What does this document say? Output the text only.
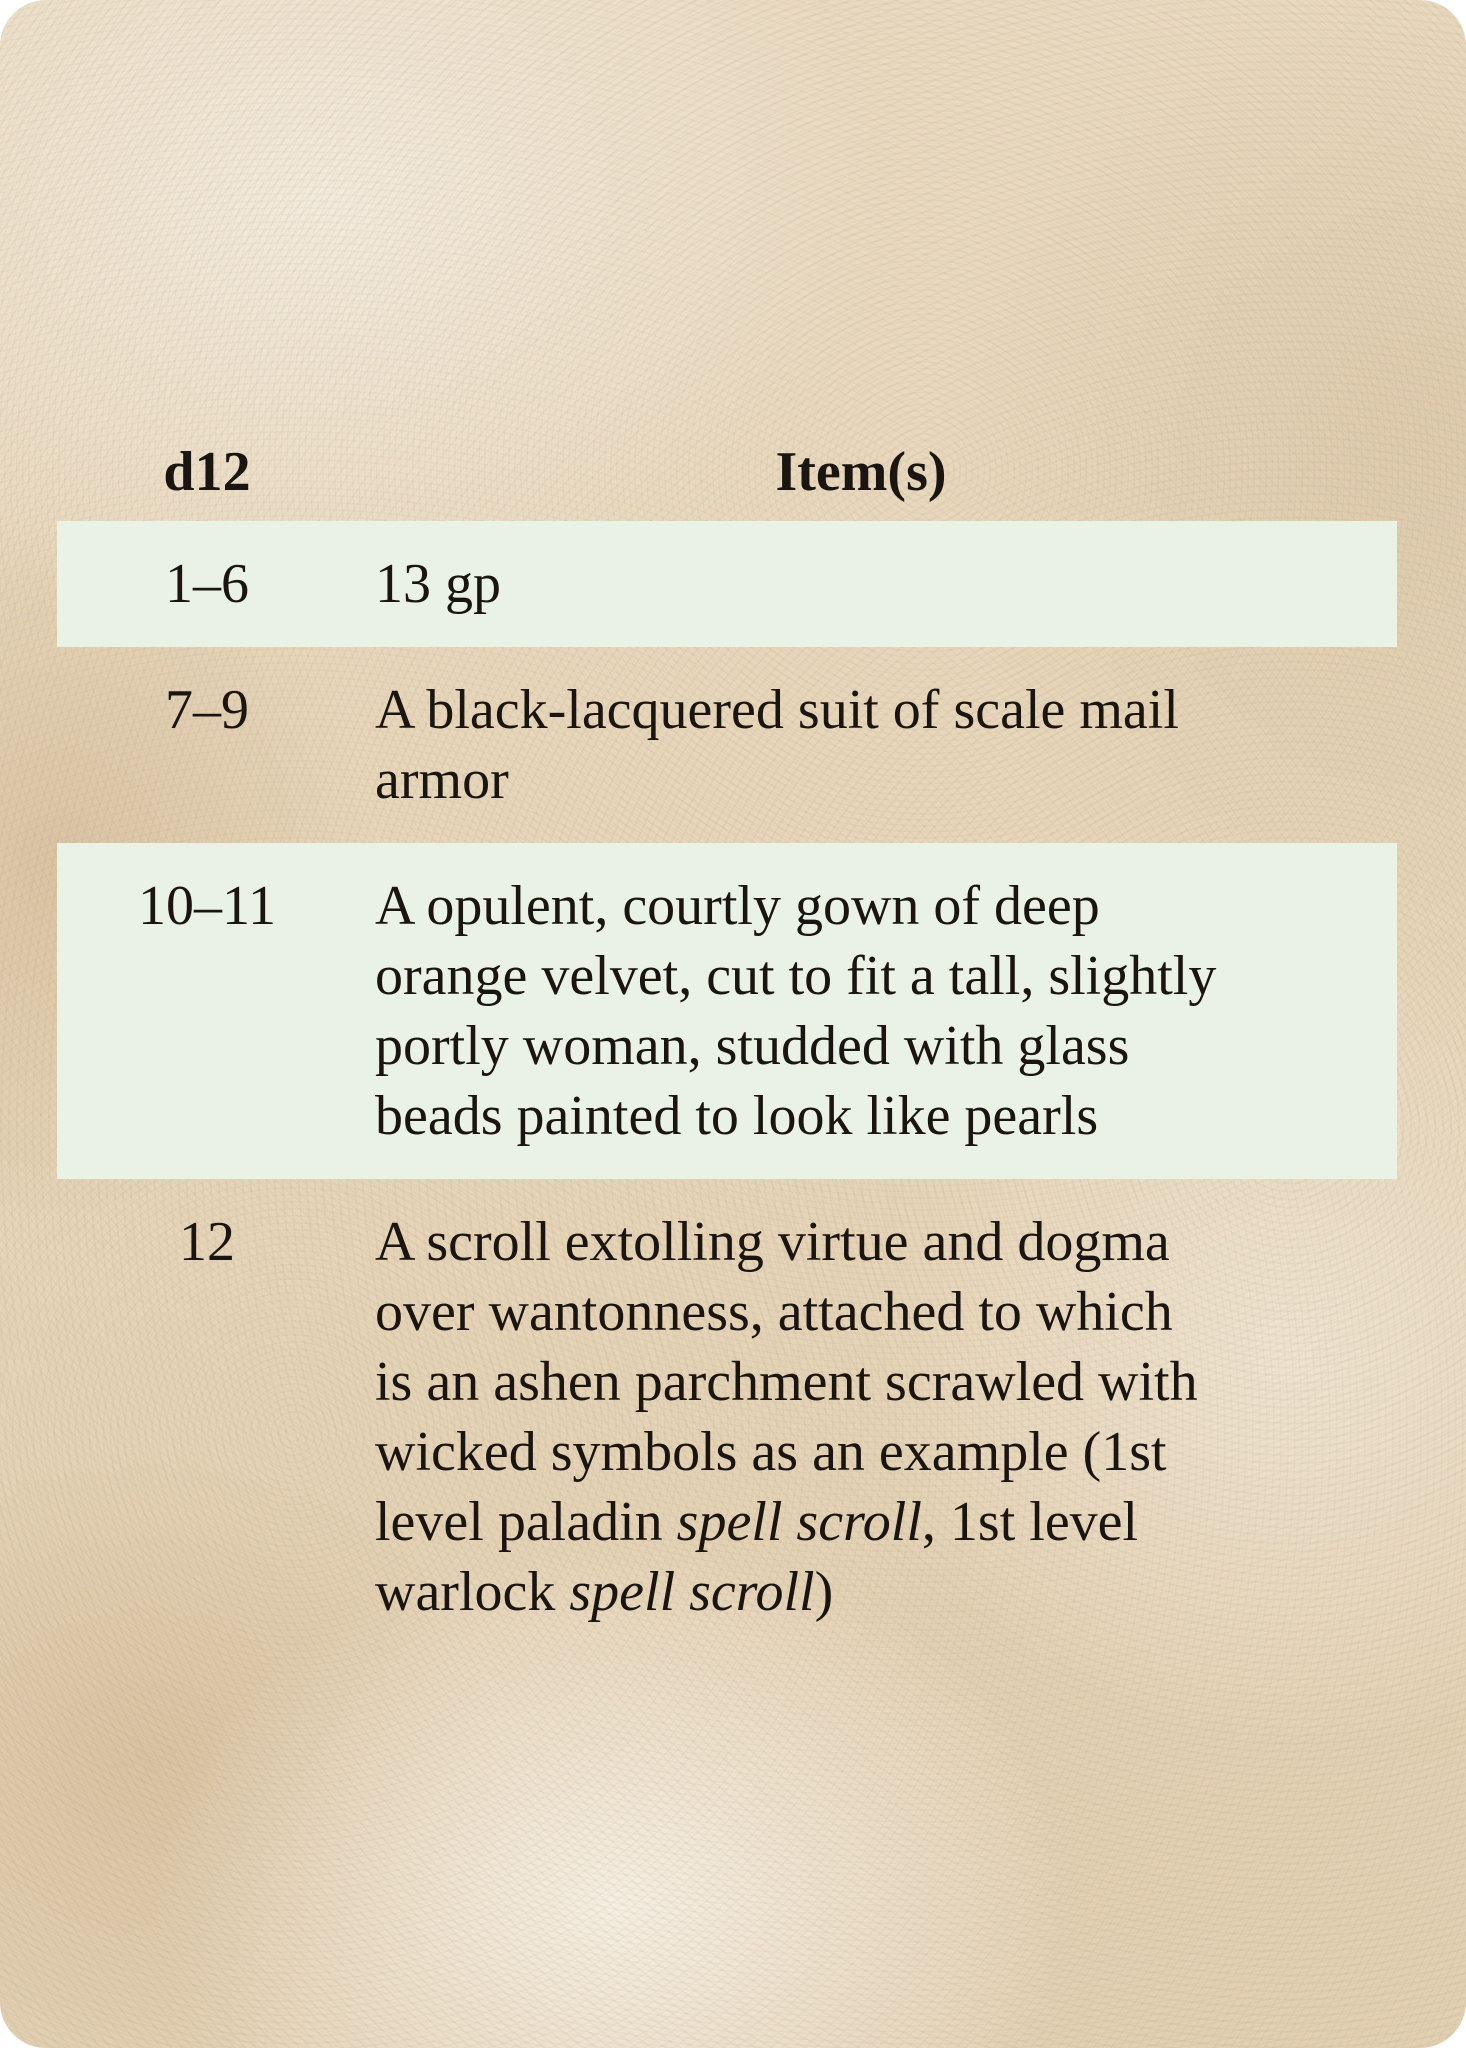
d12	Item(s)
1–6	13 gp
7–9	A black-lacquered suit of scale mail
armor
10–11	A opulent, courtly gown of deep
orange velvet, cut to fit a tall, slightly
portly woman, studded with glass
beads painted to look like pearls
12	A scroll extolling virtue and dogma
over wantonness, attached to which
is an ashen parchment scrawled with
wicked symbols as an example (1st
level paladin spell scroll, 1st level
warlock spell scroll)
